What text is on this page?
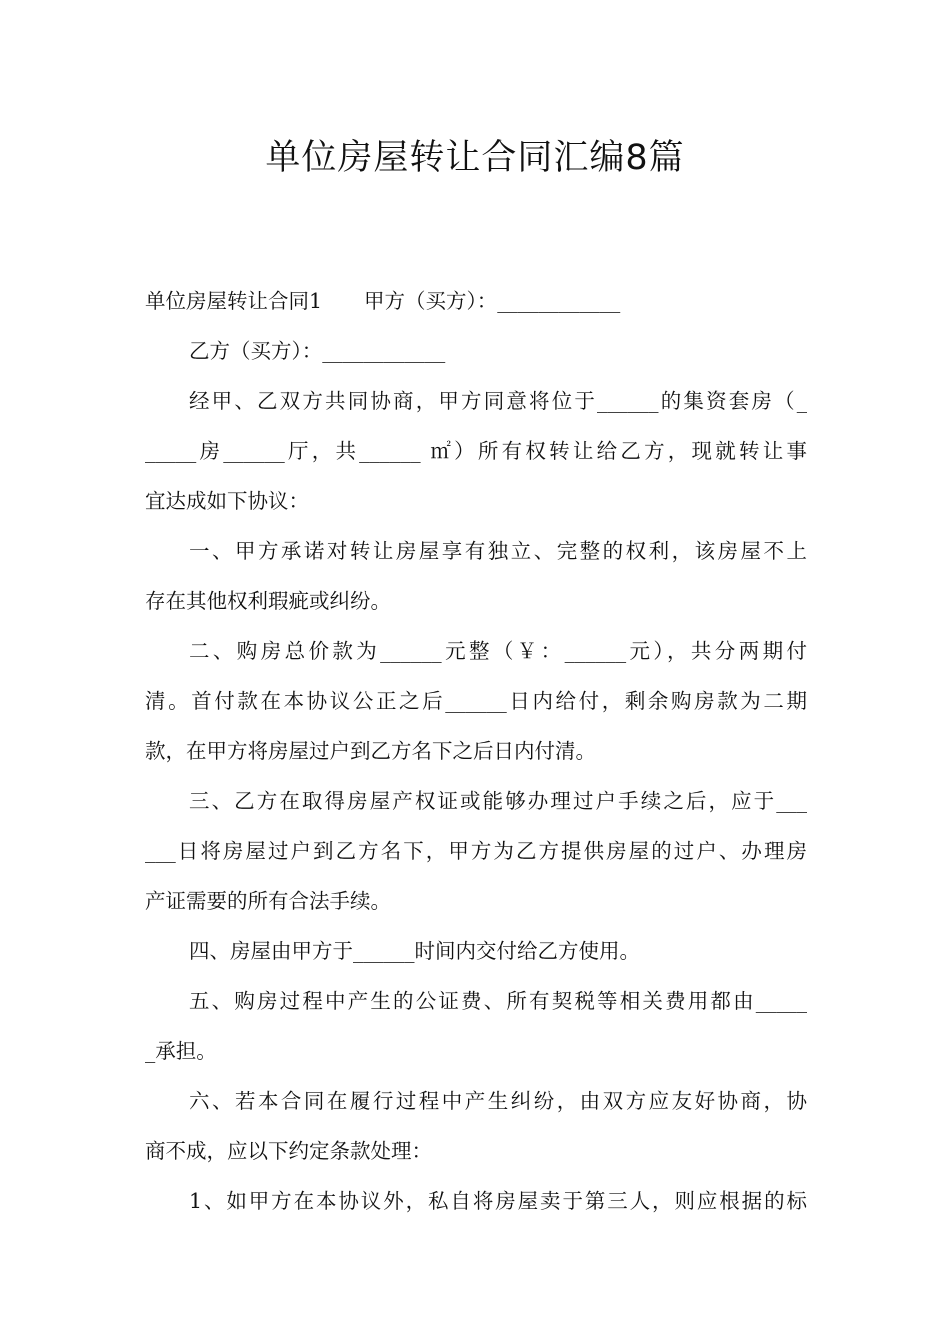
单位房屋转让合同汇编8篇
单位房屋转让合同1 甲方（买方）：____________
乙方（买方）：____________
经甲、乙双方共同协商，甲方同意将位于______的集资套房（_
_____房______厅，共______ ㎡）所有权转让给乙方，现就转让事
宜达成如下协议：
一、甲方承诺对转让房屋享有独立、完整的权利，该房屋不上
存在其他权利瑕疵或纠纷。
二、购房总价款为______元整（￥：______元），共分两期付
清。首付款在本协议公正之后______日内给付，剩余购房款为二期
款，在甲方将房屋过户到乙方名下之后日内付清。
三、乙方在取得房屋产权证或能够办理过户手续之后，应于___
___日将房屋过户到乙方名下，甲方为乙方提供房屋的过户、办理房
产证需要的所有合法手续。
四、房屋由甲方于______时间内交付给乙方使用。
五、购房过程中产生的公证费、所有契税等相关费用都由_____
_承担。
六、若本合同在履行过程中产生纠纷，由双方应友好协商，协
商不成，应以下约定条款处理：
1、如甲方在本协议外，私自将房屋卖于第三人，则应根据的标
